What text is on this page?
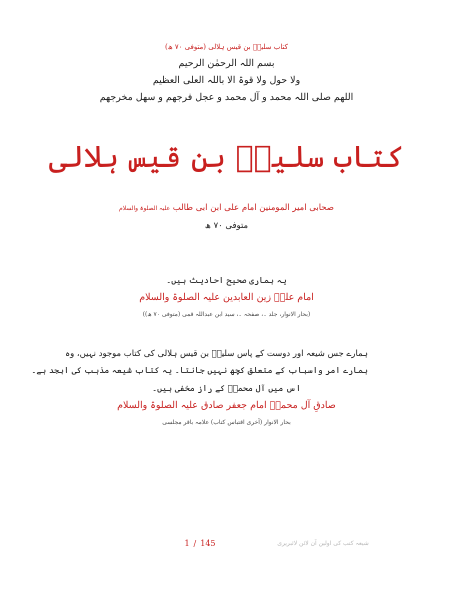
کتاب سلیمؓ بن قیس ہلالی (متوفی ۷۰ ھ)
بسم اللہ الرحمٰن الرحیم
ولا حول ولا قوۃ الا باللہ العلی العظیم
اللھم صلی اللہ محمد و آل محمد و عجل فرجھم و سھل مخرجھم
کتاب سلیمؓ بن قیس ہلالی
صحابی امیر المومنین امام علی ابن ابی طالب علیہ الصلوۃ والسلام
متوفی ۷۰ ھ
یہ ہماری صحیح احادیث ہیں۔
امام علیؑ زین العابدین علیہ الصلوۃ والسلام
(بحار الانوار، جلد ۔، صفحہ ۔، سید ابن عبداللہ قمی (متوفی ۷۰ ھ))
ہمارے جس شیعہ اور دوست کے پاس سلیمؓ بن قیس ہلالی کی کتاب موجود نہیں، وہ
ہمارے امر واسباب کے متعلق کچھ نہیں جانتا۔ یہ کتاب شیعہ مذہب کی ابجد ہے۔
اس میں آل محمدؑ کے راز مخفی ہیں۔
صادقِ آل محمدؑ امام جعفر صادق علیہ الصلوۃ والسلام
بحار الانوار (آخری اقتباس کتاب) علامہ باقر مجلسی
1 / 145	شیعہ کتب کی اولین آن لائن لائبریری
